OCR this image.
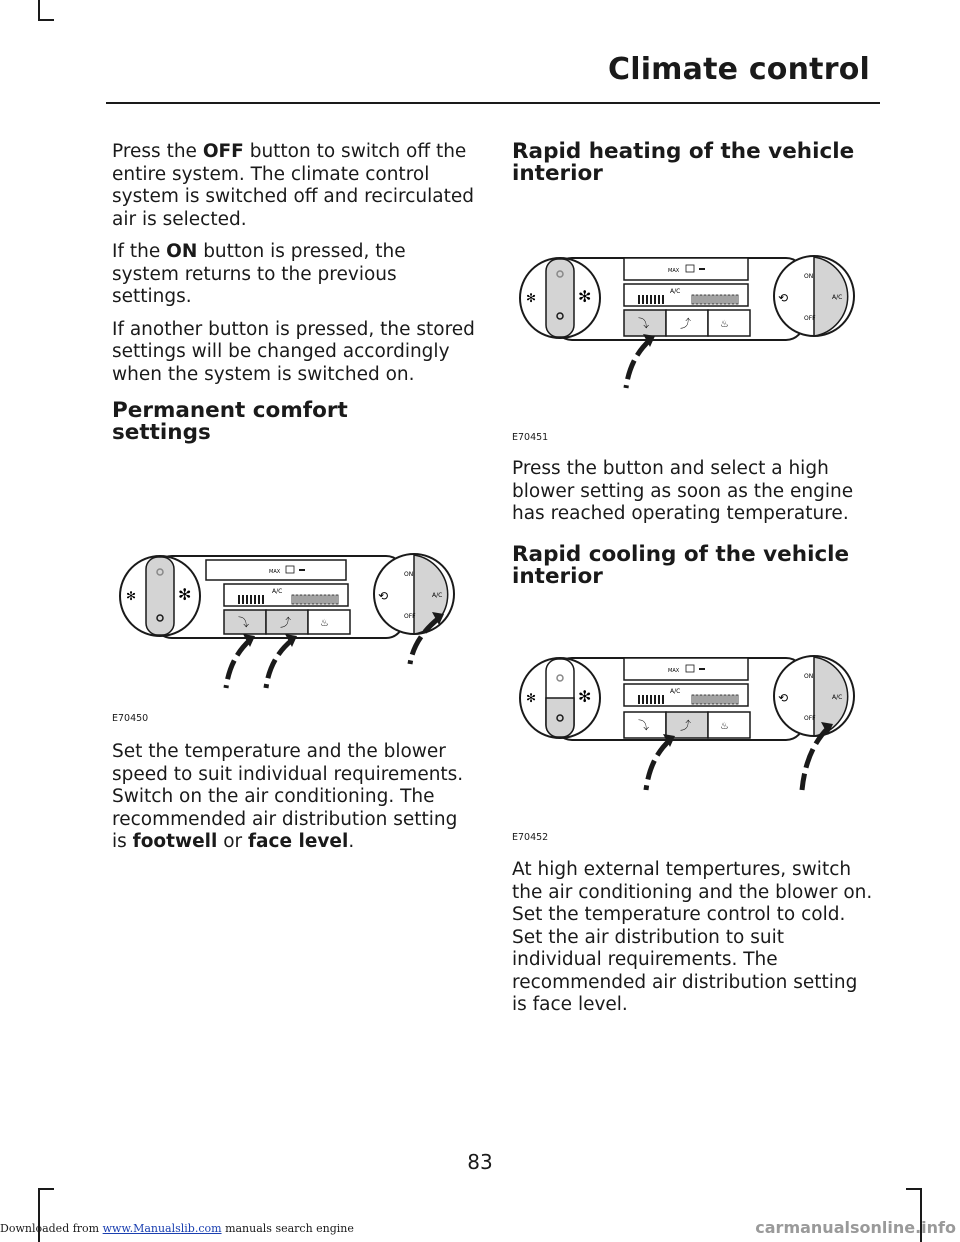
Climate control

Press the OFF button to switch off the entire system. The climate control system is switched off and recirculated air is selected.

If the ON button is pressed, the system returns to the previous settings.

If another button is pressed, the stored settings will be changed accordingly when the system is switched on.

Permanent comfort settings
MAX
A/C
⤵	⤴	♨
✻	✻
ON
OFF
A/C
⟲
E70450

Set the temperature and the blower speed to suit individual requirements. Switch on the air conditioning. The recommended air distribution setting is footwell or face level.

Rapid heating of the vehicle interior
MAX
A/C
⤵	⤴	♨
✻	✻
ON
OFF
A/C
⟲
E70451

Press the button and select a high blower setting as soon as the engine has reached operating temperature.

Rapid cooling of the vehicle interior
MAX
A/C
⤵	⤴	♨
✻	✻
ON
OFF
A/C
⟲
E70452

At high external tempertures, switch the air conditioning and the blower on. Set the temperature control to cold. Set the air distribution to suit individual requirements. The recommended air distribution setting is face level.

83
Downloaded from www.Manualslib.com manuals search engine	carmanualsonline.info
